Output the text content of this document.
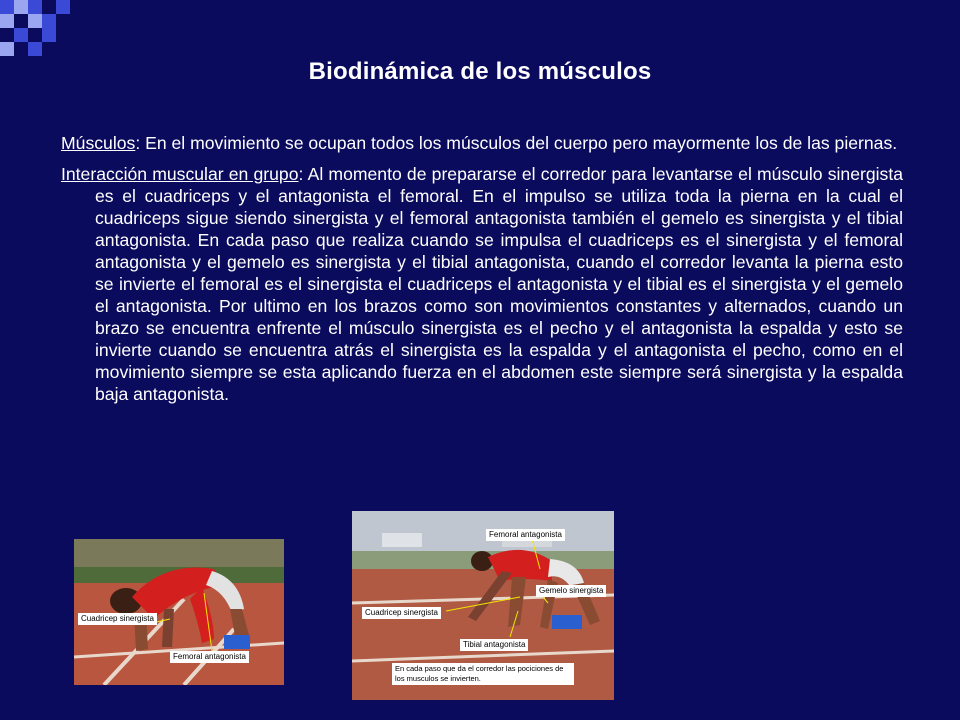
Biodinámica de los músculos
Músculos: En el movimiento se ocupan todos los músculos del cuerpo pero mayormente los de las piernas.
Interacción muscular en grupo: Al momento de prepararse el corredor para levantarse el músculo sinergista es el cuadriceps y el antagonista el femoral. En el impulso se utiliza toda la pierna en la cual el cuadriceps sigue siendo sinergista y el femoral antagonista también el gemelo es sinergista y el tibial antagonista. En cada paso que realiza cuando se impulsa el cuadriceps es el sinergista y el femoral antagonista y el gemelo es sinergista y el tibial antagonista, cuando el corredor levanta la pierna esto se invierte el femoral es el sinergista el cuadriceps el antagonista y el tibial es el sinergista y el gemelo el antagonista. Por ultimo en los brazos como son movimientos constantes y alternados, cuando un brazo se encuentra enfrente el músculo sinergista es el pecho y el antagonista la espalda y esto se invierte cuando se encuentra atrás el sinergista es la espalda y el antagonista el pecho, como en el movimiento siempre se esta aplicando fuerza en el abdomen este siempre será sinergista y la espalda baja antagonista.
Cuadricep sinergista
Femoral antagonista
Femoral antagonista
Gemelo sinergista
Cuadricep sinergista
Tibial antagonista
En cada paso que da el corredor las pociciones de los musculos se invierten.
